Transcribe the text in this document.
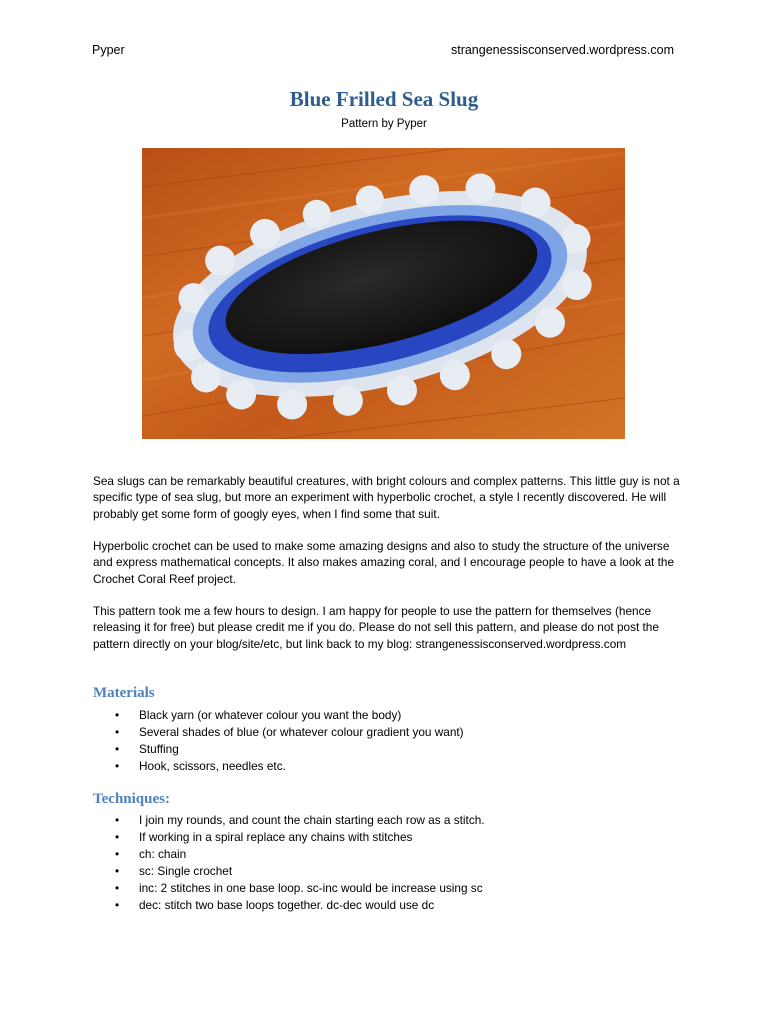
Pyper	strangenessisconserved.wordpress.com
Blue Frilled Sea Slug
Pattern by Pyper
Sea slugs can be remarkably beautiful creatures, with bright colours and complex patterns. This little guy is not a specific type of sea slug, but more an experiment with hyperbolic crochet, a style I recently discovered. He will probably get some form of googly eyes, when I find some that suit.
Hyperbolic crochet can be used to make some amazing designs and also to study the structure of the universe and express mathematical concepts. It also makes amazing coral, and I encourage people to have a look at the Crochet Coral Reef project.
This pattern took me a few hours to design. I am happy for people to use the pattern for themselves (hence releasing it for free) but please credit me if you do. Please do not sell this pattern, and please do not post the pattern directly on your blog/site/etc, but link back to my blog: strangenessisconserved.wordpress.com
Materials
• Black yarn (or whatever colour you want the body)
• Several shades of blue (or whatever colour gradient you want)
• Stuffing
• Hook, scissors, needles etc.
Techniques:
• I join my rounds, and count the chain starting each row as a stitch.
• If working in a spiral replace any chains with stitches
• ch: chain
• sc: Single crochet
• inc: 2 stitches in one base loop. sc-inc would be increase using sc
• dec: stitch two base loops together. dc-dec would use dc
